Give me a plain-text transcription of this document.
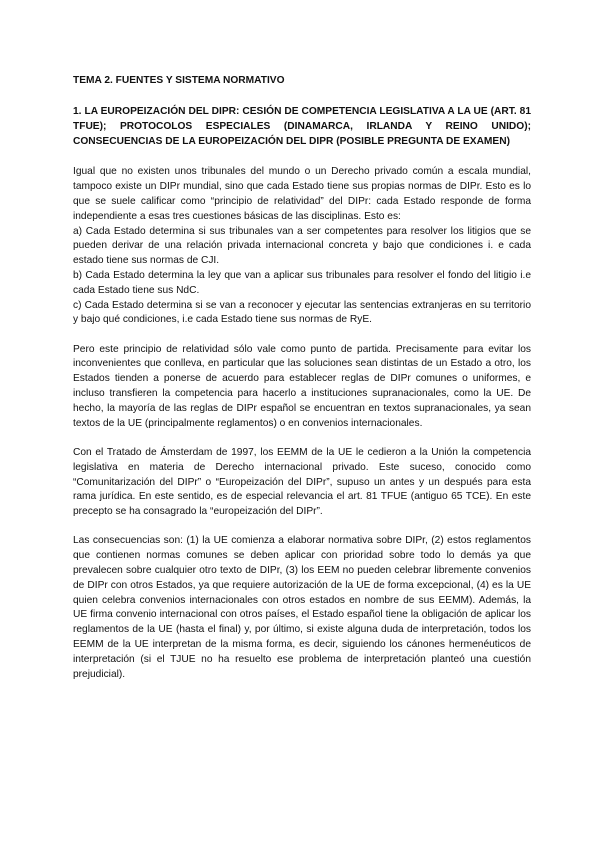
TEMA 2. FUENTES Y SISTEMA NORMATIVO
1. LA EUROPEIZACIÓN DEL DIPR: CESIÓN DE COMPETENCIA LEGISLATIVA A LA UE (ART. 81 TFUE); PROTOCOLOS ESPECIALES (DINAMARCA, IRLANDA Y REINO UNIDO); CONSECUENCIAS DE LA EUROPEIZACIÓN DEL DIPR (POSIBLE PREGUNTA DE EXAMEN)
Igual que no existen unos tribunales del mundo o un Derecho privado común a escala mundial, tampoco existe un DIPr mundial, sino que cada Estado tiene sus propias normas de DIPr. Esto es lo que se suele calificar como “principio de relatividad” del DIPr: cada Estado responde de forma independiente a esas tres cuestiones básicas de las disciplinas. Esto es:
a) Cada Estado determina si sus tribunales van a ser competentes para resolver los litigios que se pueden derivar de una relación privada internacional concreta y bajo que condiciones i. e cada estado tiene sus normas de CJI.
b) Cada Estado determina la ley que van a aplicar sus tribunales para resolver el fondo del litigio i.e cada Estado tiene sus NdC.
c) Cada Estado determina si se van a reconocer y ejecutar las sentencias extranjeras en su territorio y bajo qué condiciones, i.e cada Estado tiene sus normas de RyE.
Pero este principio de relatividad sólo vale como punto de partida. Precisamente para evitar los inconvenientes que conlleva, en particular que las soluciones sean distintas de un Estado a otro, los Estados tienden a ponerse de acuerdo para establecer reglas de DIPr comunes o uniformes, e incluso transfieren la competencia para hacerlo a instituciones supranacionales, como la UE. De hecho, la mayoría de las reglas de DIPr español se encuentran en textos supranacionales, ya sean textos de la UE (principalmente reglamentos) o en convenios internacionales.
Con el Tratado de Ámsterdam de 1997, los EEMM de la UE le cedieron a la Unión la competencia legislativa en materia de Derecho internacional privado. Este suceso, conocido como “Comunitarización del DIPr” o “Europeización del DIPr”, supuso un antes y un después para esta rama jurídica. En este sentido, es de especial relevancia el art. 81 TFUE (antiguo 65 TCE). En este precepto se ha consagrado la “europeización del DIPr”.
Las consecuencias son: (1) la UE comienza a elaborar normativa sobre DIPr, (2) estos reglamentos que contienen normas comunes se deben aplicar con prioridad sobre todo lo demás ya que prevalecen sobre cualquier otro texto de DIPr, (3) los EEM no pueden celebrar libremente convenios de DIPr con otros Estados, ya que requiere autorización de la UE de forma excepcional, (4) es la UE quien celebra convenios internacionales con otros estados en nombre de sus EEMM). Además, la UE firma convenio internacional con otros países, el Estado español tiene la obligación de aplicar los reglamentos de la UE (hasta el final) y, por último, si existe alguna duda de interpretación, todos los EEMM de la UE interpretan de la misma forma, es decir, siguiendo los cánones hermenéuticos de interpretación (si el TJUE no ha resuelto ese problema de interpretación planteó una cuestión prejudicial).
